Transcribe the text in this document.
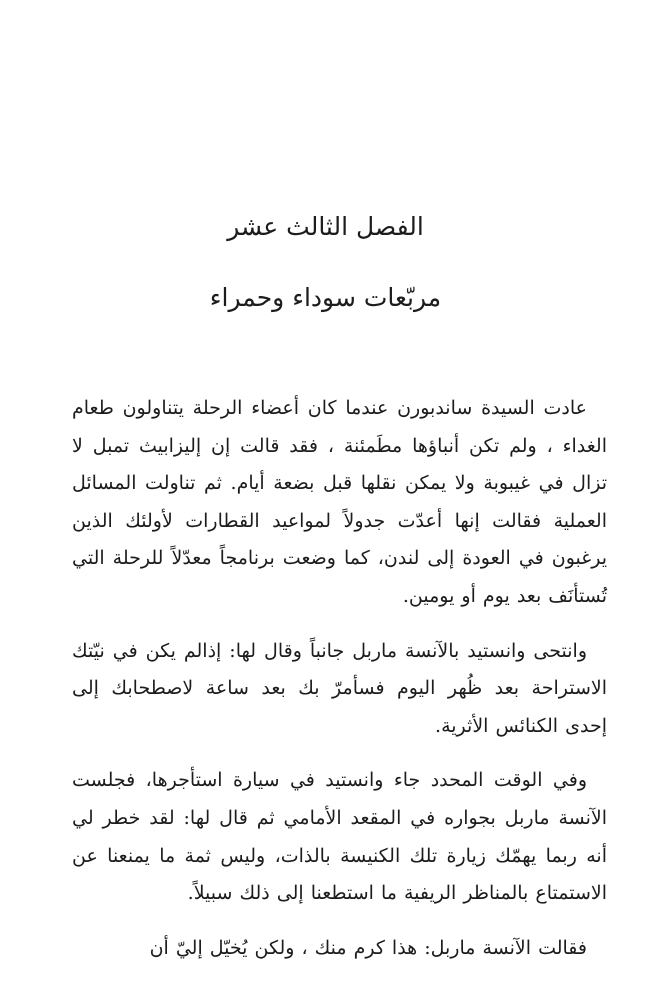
الفصل الثالث عشر
مربّعات سوداء وحمراء

عادت السيدة ساندبورن عندما كان أعضاء الرحلة يتناولون طعام الغداء ، ولم تكن أنباؤها مطَمئنة ، فقد قالت إن إليزابيث تمبل لا تزال في غيبوبة ولا يمكن نقلها قبل بضعة أيام. ثم تناولت المسائل العملية فقالت إنها أعدّت جدولاً لمواعيد القطارات لأولئك الذين يرغبون في العودة إلى لندن، كما وضعت برنامجاً معدّلاً للرحلة التي تُستأنَف بعد يوم أو يومين.

وانتحى وانستيد بالآنسة ماربل جانباً وقال لها: إذالم يكن في نيّتك الاستراحة بعد ظُهر اليوم فسأمرّ بك بعد ساعة لاصطحابك إلى إحدى الكنائس الأثرية.

وفي الوقت المحدد جاء وانستيد في سيارة استأجرها، فجلست الآنسة ماربل بجواره في المقعد الأمامي ثم قال لها: لقد خطر لي أنه ربما يهمّك زيارة تلك الكنيسة بالذات، وليس ثمة ما يمنعنا عن الاستمتاع بالمناظر الريفية ما استطعنا إلى ذلك سبيلاً.

فقالت الآنسة ماربل: هذا كرم منك ، ولكن يُخيّل إليّ أن
